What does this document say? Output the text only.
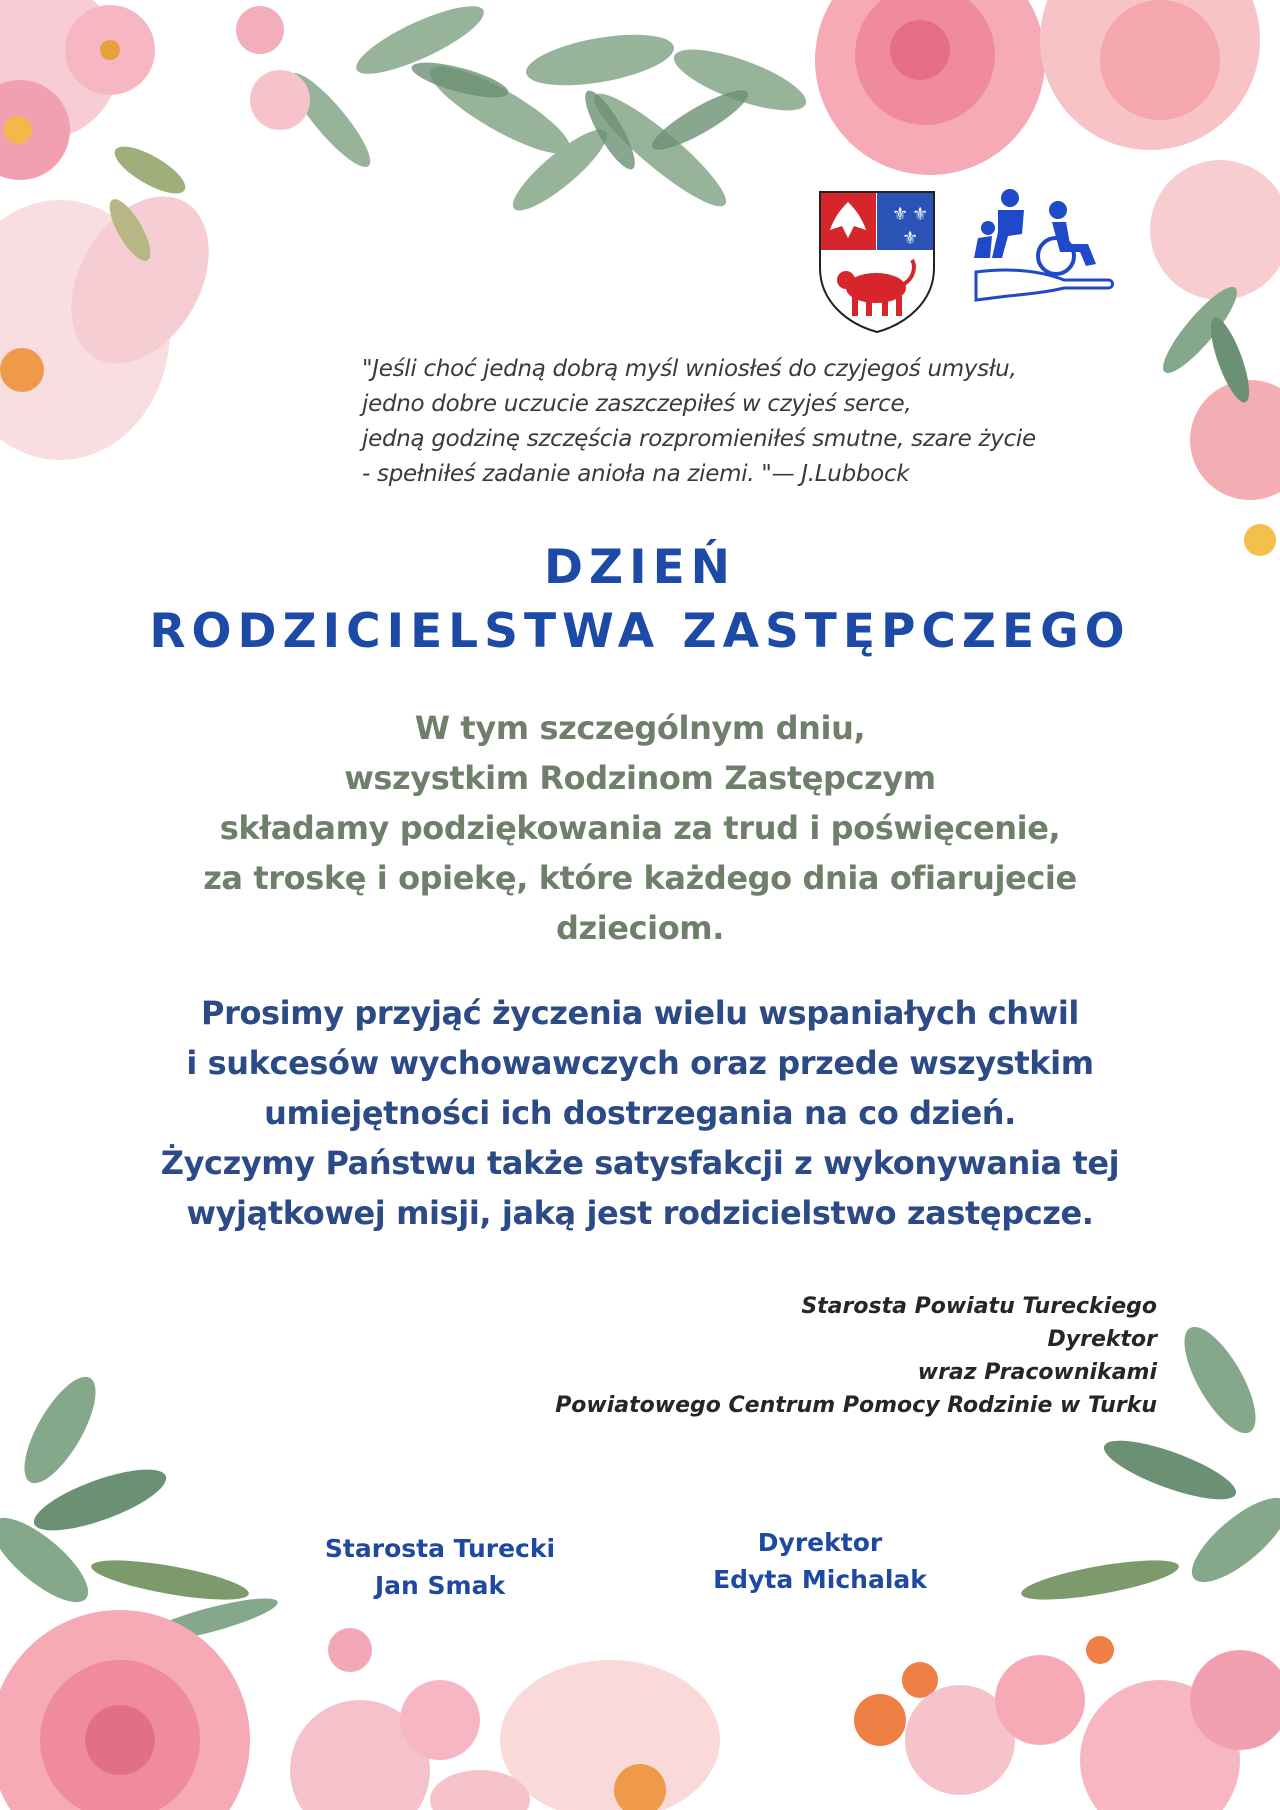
⚜ ⚜
⚜
"Jeśli choć jedną dobrą myśl wniosłeś do czyjegoś umysłu,
jedno dobre uczucie zaszczepiłeś w czyjeś serce,
jedną godzinę szczęścia rozpromieniłeś smutne, szare życie
- spełniłeś zadanie anioła na ziemi. "— J.Lubbock
DZIEŃ
RODZICIELSTWA ZASTĘPCZEGO
W tym szczególnym dniu,
wszystkim Rodzinom Zastępczym
składamy podziękowania za trud i poświęcenie,
za troskę i opiekę, które każdego dnia ofiarujecie
dzieciom.
Prosimy przyjąć życzenia wielu wspaniałych chwil
i sukcesów wychowawczych oraz przede wszystkim
umiejętności ich dostrzegania na co dzień.
Życzymy Państwu także satysfakcji z wykonywania tej
wyjątkowej misji, jaką jest rodzicielstwo zastępcze.
Starosta Powiatu Tureckiego
Dyrektor
wraz Pracownikami
Powiatowego Centrum Pomocy Rodzinie w Turku
Starosta Turecki
Jan Smak
Dyrektor
Edyta Michalak
